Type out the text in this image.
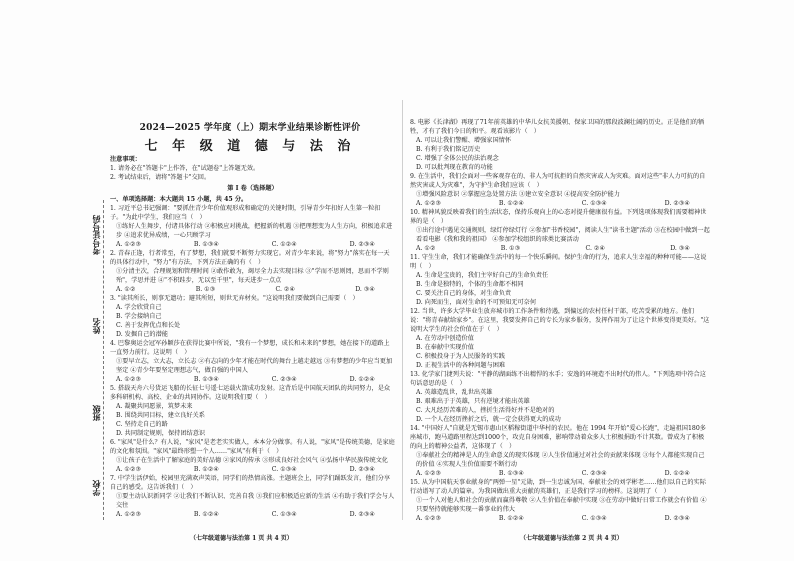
考号证号码
姓名
班级
学校
2024—2025 学年度（上）期末学业结果诊断性评价
七 年 级 道 德 与 法 治
注意事项：
1. 请务必在"答题卡"上作答，在"试题卷"上答题无效。
2. 考试结束后，请将"答题卡"交回。
第 I 卷（选择题）
一、单项选择题：本大题共 15 小题，共 45 分。
1. 习近平总书记强调："要抓住青少年价值观形成和确定的关键时期，引导青少年扣好人生第一粒扣子。"为此中学生，我们应当（　）
①练好人生舞步，付诸具体行动 ②积极应对挑战，把握新的机遇 ③把理想变为人生方向，积极追求进步 ④追求优异成绩，一心只顾学习
A. ①②③	B. ①③④	C. ①②④	D. ②③④
2. 青春正逢，行者常至，有了梦想，我们就要不断努力实现它。对青少年来说，将"努力"落实在每一天的具体行动中，"努力"有方法，下列方法正确的有（　）
①分清主次，合理规划和管理时间 ②敢作敢为，竭尽全力去实现目标 ③"学而不思则罔，思而不学则殆"，学思并进 ④"不积跬步，无以至千里"，每天进步一点点
A. ①②	B. ①③	C. ②④	D. ③④
3. "读其所长，则事无遗功；避其所短，则世无弃材矣。"这说明我们要做到自己需要（　）
A. 学会欣赏自己
B. 学会接纳自己
C. 善于发挥优点和长处
D. 发掘自己的潜能
4. 巴黎奥运会冠军孙颖莎在获得比赛中所说，"我有一个梦想，成长和未来的"梦想，她在接下的道路上一直努力前行。这说明（　）
①要早立志，立大志，立长志 ②有志向的少年才能在时代的舞台上越走越远 ③有梦想的少年应当更加坚定 ④青少年要坚定理想志气，做自强的中国人
A. ①②③	B. ①③④	C. ②③④	D. ①②④
5. 搭载天舟六号货运飞船的长征七号遥七运载火箭成功发射。这背后是中国航天团队的共同努力，是众多科研机构、高校、企业的共同协作。这说明我们要（　）
A. 凝聚共同愿景，筑梦未来
B. 围绕共同目标，建立良好关系
C. 坚持走自己的路
D. 共同制定规则，保持团结意识
6. "家风"是什么？有人说，"家风"是老老实实做人，本本分分做事。有人说，"家风"是传统美德，是家庭的文化和氛围。"家风"最终形塑一个人……"家风"有利于（　）
①让孩子在生活中了解家庭的美好品德 ②家风的传承 ③形成良好社会风气 ④弘扬中华民族传统文化
A. ①②③	B. ①②④	C. ①③④	D. ②③④
7. 中学生活伊始，校园里充满欢声笑语，同学们的热情高涨。主题班会上，同学们踊跃发言，他们分享自己的感受。这告诉我们（　）
①要主动认识新同学 ②让我们不断认识、完善自我 ③我们应积极适应新的生活 ④有助于我们学会与人交往
A. ①②③	B. ①②④	C. ①③④	D. ②③④
8. 电影《长津湖》再现了71年前英雄的中华儿女抗美援朝、保家卫国的那段波澜壮阔的历史。正是他们的牺牲，才有了我们今日的和平。观看该影片（　）
A. 可以让我们警醒、增强家国情怀
B. 有利于我们铭记历史
C. 增强了全体公民的法治观念
D. 可以批判现在教育的功能
9. 在生活中，我们会面对一些客观存在的、非人为可抗拒的自然灾害或人为灾难。面对这些"非人力可抗的自然灾害或人为灾难"，为守护生命我们应该（　）
①增强风险意识 ②掌握应急处置方法 ③建立安全意识 ④提高安全防护能力
A. ①②③	B. ①②④	C. ①③④	D. ②③④
10. 精神风貌反映着我们的生活状态，保持乐观向上的心态对提升健康很有益。下列选项体现我们需要精神世界的是（　）
①出行途中遇见交通规则，绿灯停绿灯行 ②参加"书香校园"，阅读人生"读书主题"活动 ③在校园中做到一起看看电影《我和我的祖国》 ④参加学校组织的球类比赛活动
A. ①②	B. ①③	C. ②④	D. ③④
11. 守生生命，我们才能确保生活中的每一个快乐瞬间。保护生命的行为，追求人生幸福的种种可能——这说明（　）
A. 生命是宝贵的，我们主宰好自己的生命负责任
B. 生命是独特的，个体的生命都不相同
C. 要关注自己的身体，对生命负责
D. 向死而生，面对生命的不可预知无可奈何
12. 当世，许多大学毕业生放弃城市的工作条件和待遇，到偏远的农村任村干部，吃苦受累的地方。他们说："将青春献给家乡"。在这里，我要发挥自己的专长为家乡服务，发挥作用为了让这个世界变得更美好。"这说明大学生的社会价值在于（　）
A. 在劳动中创造价值
B. 在奉献中实现价值
C. 积极投身于为人民服务的实践
D. 正视生活中的各种问题与困难
13. 化学家门捷列夫说："平静的湖面练不出精悍的水手；安逸的环境造不出时代的伟人。"下列选项中符合这句话意思的是（　）
A. 英雄造乱世，乱世出英雄
B. 艰难出于于英雄，只有逆境才能出英雄
C. 大凡经历苦难的人，挫折生活得好并不是绝对的
D. 一个人在经历挫折之后，就一定会获得更大的成功
14. "中国好人"自就是无锡市惠山区稻稼街道中华村的农民。他在 1994 年开始"爱心长跑"，走遍祖国180多座城市，跑马道路里程达到1000个，攻克自身困难，影响带动着众多人士积极捐助不计其数。曾成为了积极的向上的精神公益者，这体现了（　）
①奉献社会的精神是人的生命意义的现实体现 ②人生价值通过对社会的贡献来体现 ③每个人都能实现自己的价值 ④实现人生价值需要不断行动
A. ①②③	B. ①③④	C. ②③④	D. ①②④
15. 从为中国航天事业献身的"两弹一星"元勋，到一生忠诚为国、奉献社会的刘学彬老……他们以自己的实际行动谱写了动人的篇章。为我国做出重大贡献的英雄们，正是我们学习的榜样。这说明了（　）
①一个人对他人和社会的贡献而赢得尊敬 ②人生价值在奉献中实现 ③在劳动中做好日常工作就会有价值 ④只要坚持就能够实现一番事业的伟大
A. ①②③	B. ①②④	C. ①③④	D. ②③④
（七年级道德与法治第 1 页 共 4 页）	（七年级道德与法治第 2 页 共 4 页）
